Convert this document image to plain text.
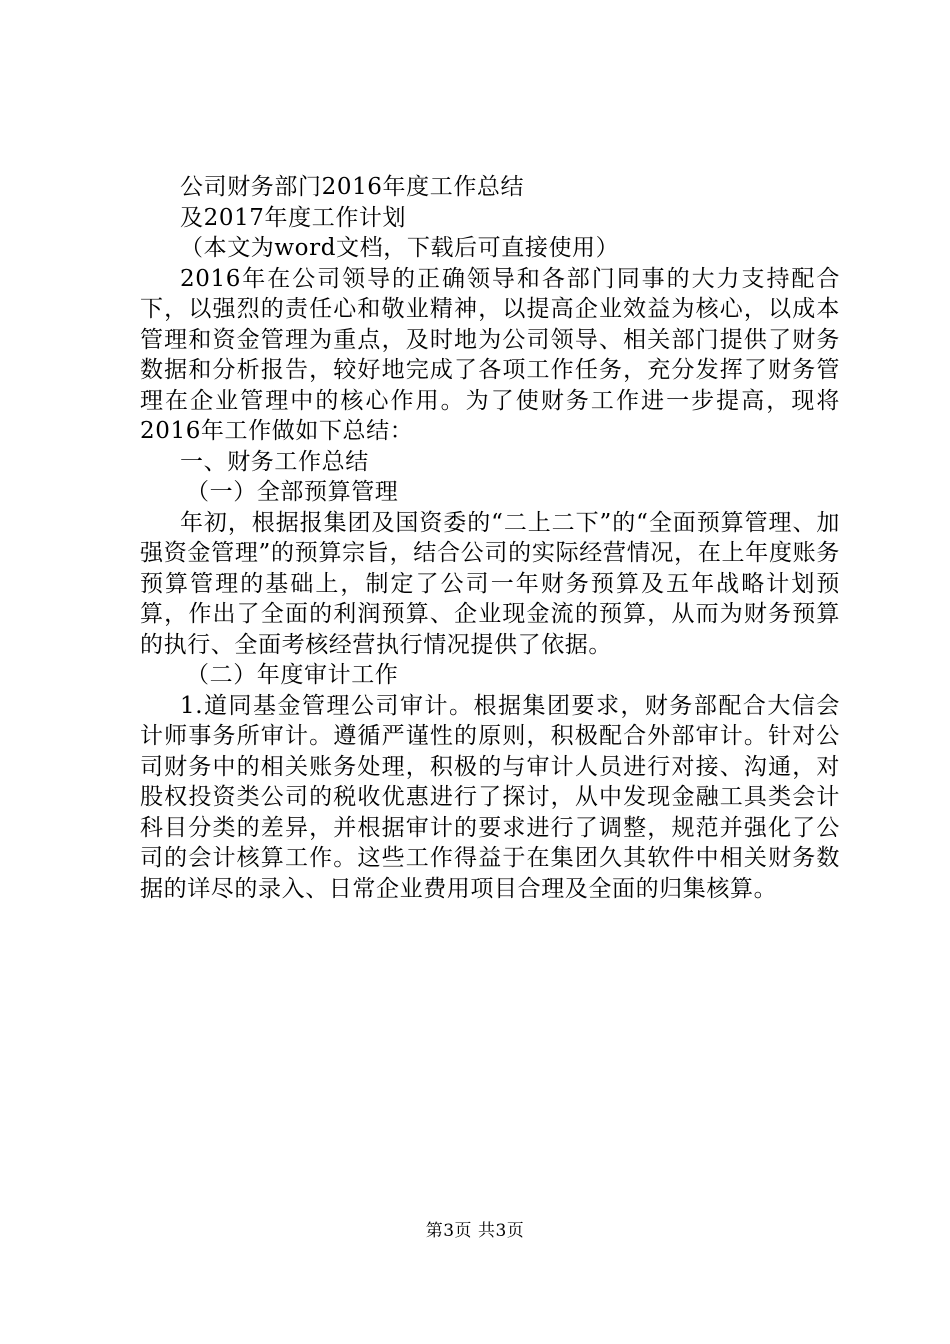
公司财务部门2016年度工作总结

及2017年度工作计划

（本文为word文档，下载后可直接使用）

2016年在公司领导的正确领导和各部门同事的大力支持配合下，以强烈的责任心和敬业精神，以提高企业效益为核心，以成本管理和资金管理为重点，及时地为公司领导、相关部门提供了财务数据和分析报告，较好地完成了各项工作任务，充分发挥了财务管理在企业管理中的核心作用。为了使财务工作进一步提高，现将2016年工作做如下总结：

一、财务工作总结

（一）全部预算管理

年初，根据报集团及国资委的“二上二下”的“全面预算管理、加强资金管理”的预算宗旨，结合公司的实际经营情况，在上年度账务预算管理的基础上，制定了公司一年财务预算及五年战略计划预算，作出了全面的利润预算、企业现金流的预算，从而为财务预算的执行、全面考核经营执行情况提供了依据。

（二）年度审计工作

1.道同基金管理公司审计。根据集团要求，财务部配合大信会计师事务所审计。遵循严谨性的原则，积极配合外部审计。针对公司财务中的相关账务处理，积极的与审计人员进行对接、沟通，对股权投资类公司的税收优惠进行了探讨，从中发现金融工具类会计科目分类的差异，并根据审计的要求进行了调整，规范并强化了公司的会计核算工作。这些工作得益于在集团久其软件中相关财务数据的详尽的录入、日常企业费用项目合理及全面的归集核算。

第3页 共3页
